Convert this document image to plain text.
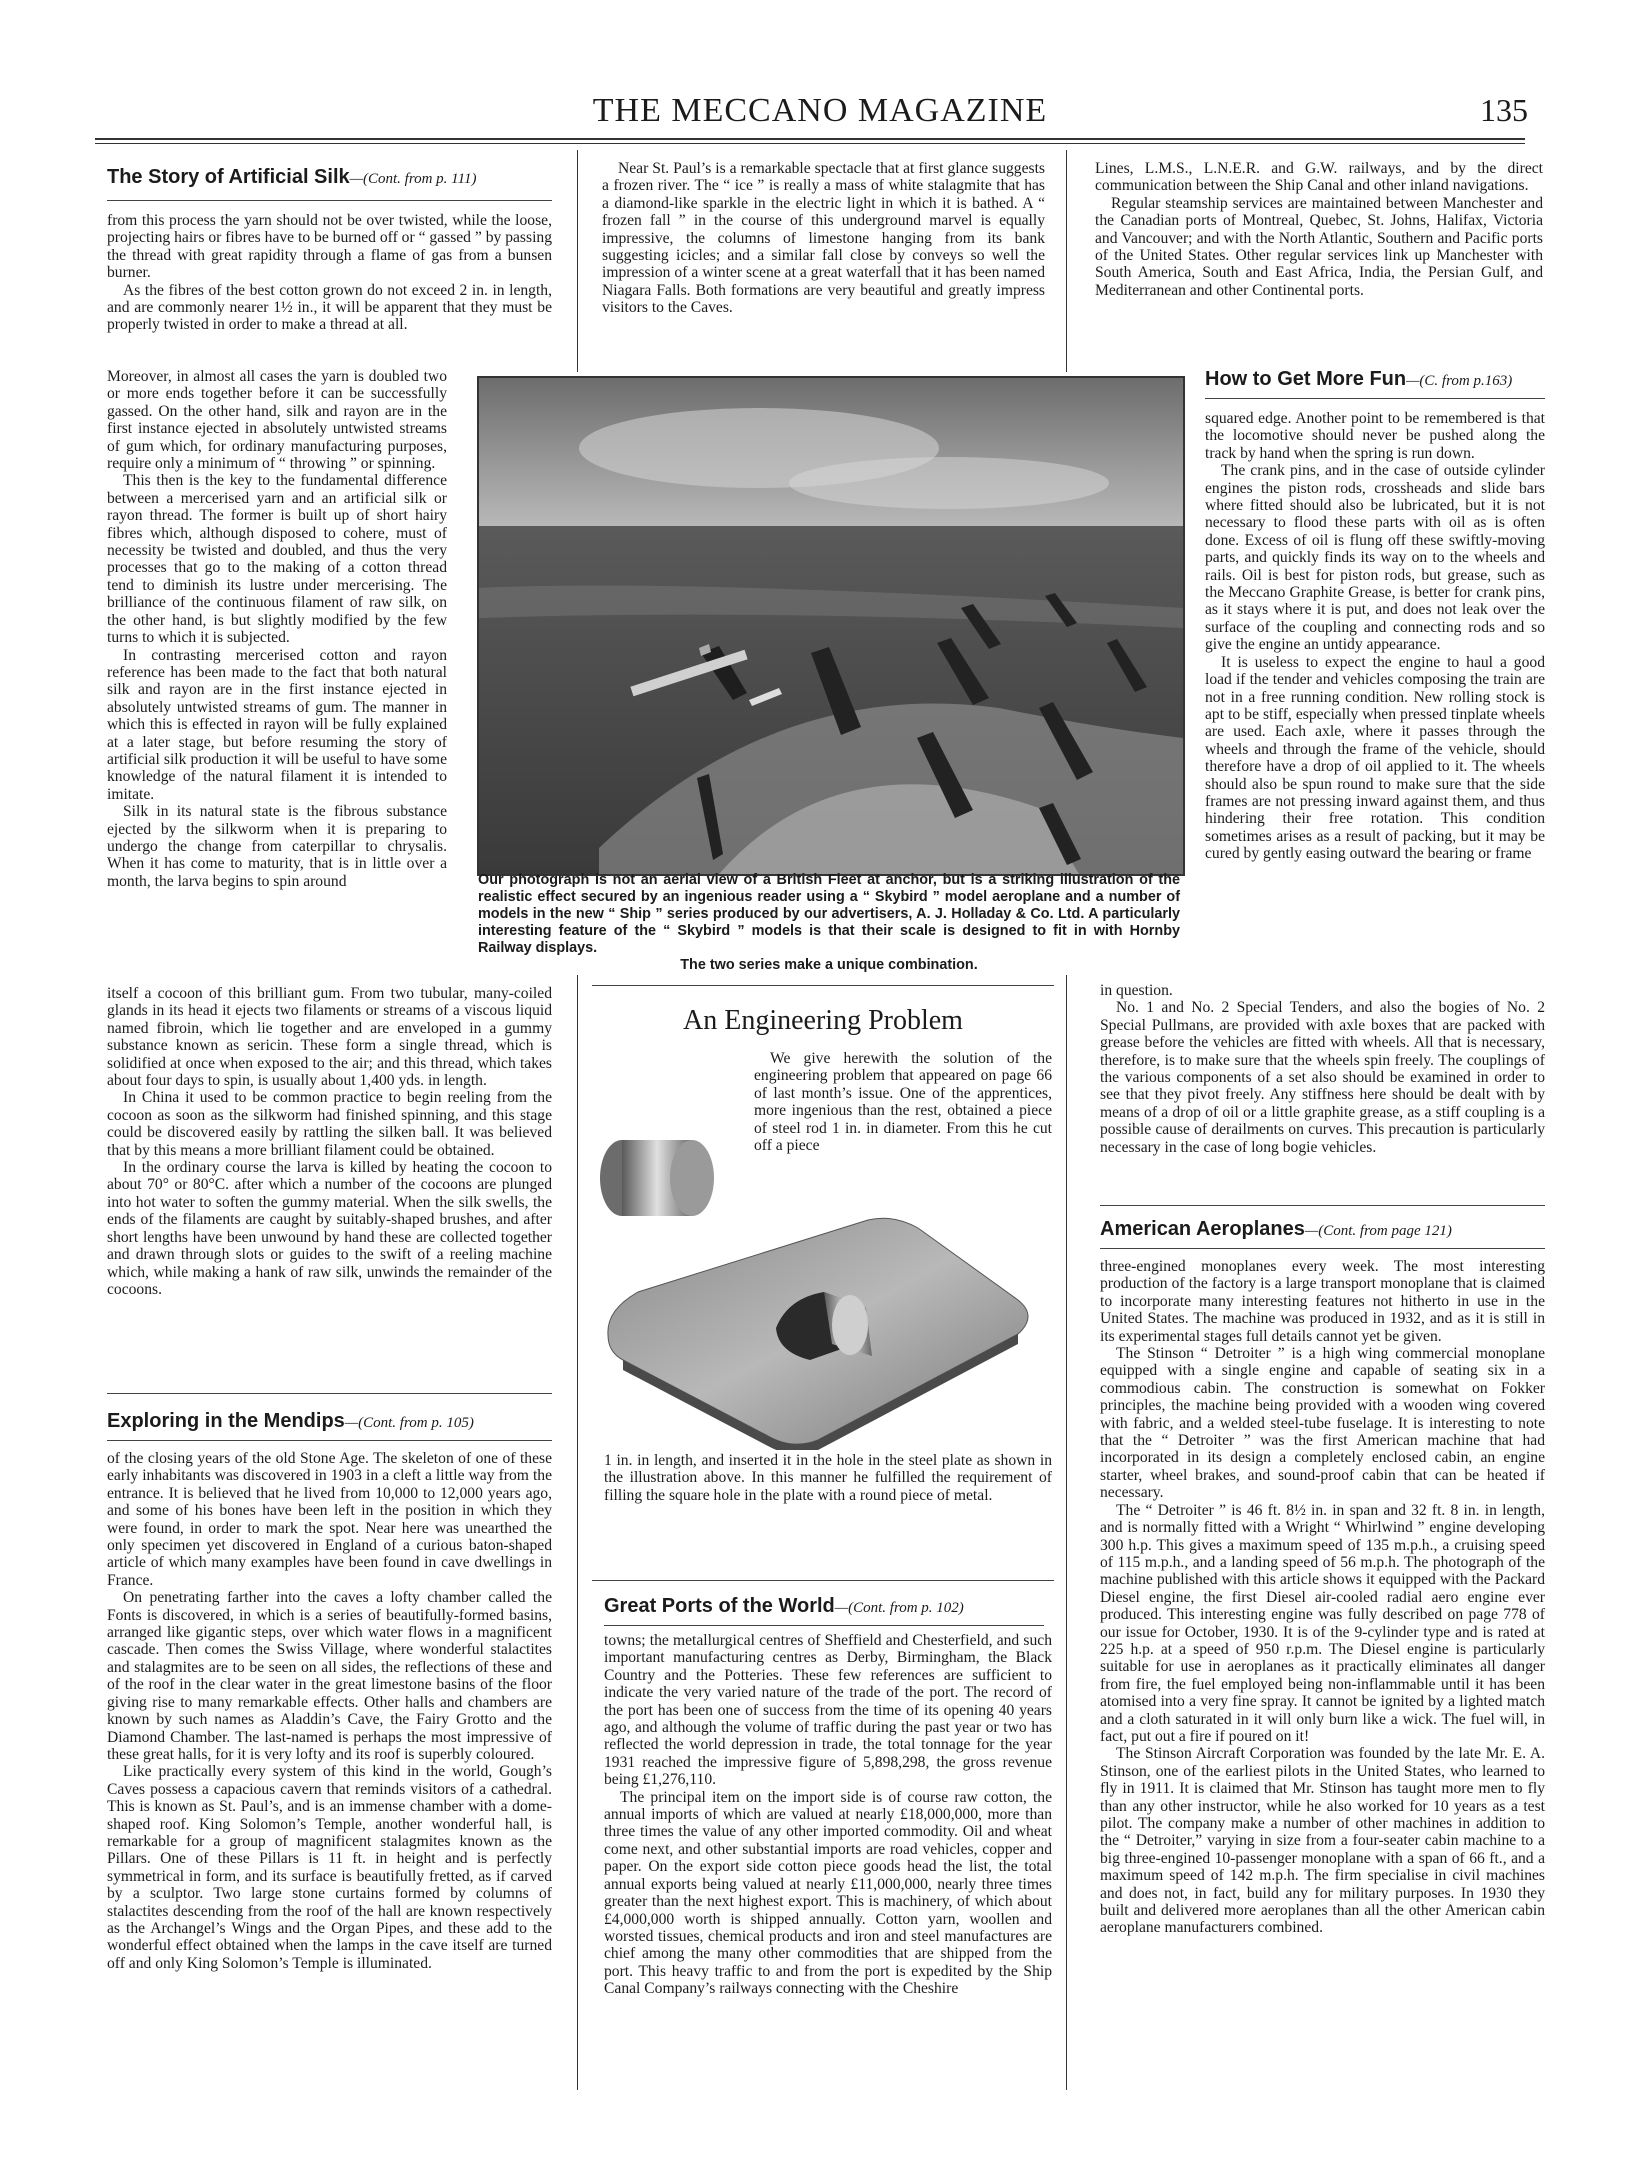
THE MECCANO MAGAZINE	135
The Story of Artificial Silk—(Cont. from p. 111)

from this process the yarn should not be over twisted, while the loose, projecting hairs or fibres have to be burned off or “ gassed ” by passing the thread with great rapidity through a flame of gas from a bunsen burner.

As the fibres of the best cotton grown do not exceed 2 in. in length, and are commonly nearer 1½ in., it will be apparent that they must be properly twisted in order to make a thread at all.

Moreover, in almost all cases the yarn is doubled two or more ends together before it can be successfully gassed. On the other hand, silk and rayon are in the first instance ejected in absolutely untwisted streams of gum which, for ordinary manufacturing purposes, require only a minimum of “ throwing ” or spinning.

This then is the key to the fundamental difference between a mercerised yarn and an artificial silk or rayon thread. The former is built up of short hairy fibres which, although disposed to cohere, must of necessity be twisted and doubled, and thus the very processes that go to the making of a cotton thread tend to diminish its lustre under mercerising. The brilliance of the continuous filament of raw silk, on the other hand, is but slightly modified by the few turns to which it is subjected.

In contrasting mercerised cotton and rayon reference has been made to the fact that both natural silk and rayon are in the first instance ejected in absolutely untwisted streams of gum. The manner in which this is effected in rayon will be fully explained at a later stage, but before resuming the story of artificial silk production it will be useful to have some knowledge of the natural filament it is intended to imitate.

Silk in its natural state is the fibrous substance ejected by the silkworm when it is preparing to undergo the change from caterpillar to chrysalis. When it has come to maturity, that is in little over a month, the larva begins to spin around

itself a cocoon of this brilliant gum. From two tubular, many-coiled glands in its head it ejects two filaments or streams of a viscous liquid named fibroin, which lie together and are enveloped in a gummy substance known as sericin. These form a single thread, which is solidified at once when exposed to the air; and this thread, which takes about four days to spin, is usually about 1,400 yds. in length.

In China it used to be common practice to begin reeling from the cocoon as soon as the silkworm had finished spinning, and this stage could be discovered easily by rattling the silken ball. It was believed that by this means a more brilliant filament could be obtained.

In the ordinary course the larva is killed by heating the cocoon to about 70° or 80°C. after which a number of the cocoons are plunged into hot water to soften the gummy material. When the silk swells, the ends of the filaments are caught by suitably-shaped brushes, and after short lengths have been unwound by hand these are collected together and drawn through slots or guides to the swift of a reeling machine which, while making a hank of raw silk, unwinds the remainder of the cocoons.

Exploring in the Mendips—(Cont. from p. 105)

of the closing years of the old Stone Age. The skeleton of one of these early inhabitants was discovered in 1903 in a cleft a little way from the entrance. It is believed that he lived from 10,000 to 12,000 years ago, and some of his bones have been left in the position in which they were found, in order to mark the spot. Near here was unearthed the only specimen yet discovered in England of a curious baton-shaped article of which many examples have been found in cave dwellings in France.

On penetrating farther into the caves a lofty chamber called the Fonts is discovered, in which is a series of beautifully-formed basins, arranged like gigantic steps, over which water flows in a magnificent cascade. Then comes the Swiss Village, where wonderful stalactites and stalagmites are to be seen on all sides, the reflections of these and of the roof in the clear water in the great limestone basins of the floor giving rise to many remarkable effects. Other halls and chambers are known by such names as Aladdin’s Cave, the Fairy Grotto and the Diamond Chamber. The last-named is perhaps the most impressive of these great halls, for it is very lofty and its roof is superbly coloured.

Like practically every system of this kind in the world, Gough’s Caves possess a capacious cavern that reminds visitors of a cathedral. This is known as St. Paul’s, and is an immense chamber with a dome-shaped roof. King Solomon’s Temple, another wonderful hall, is remarkable for a group of magnificent stalagmites known as the Pillars. One of these Pillars is 11 ft. in height and is perfectly symmetrical in form, and its surface is beautifully fretted, as if carved by a sculptor. Two large stone curtains formed by columns of stalactites descending from the roof of the hall are known respectively as the Archangel’s Wings and the Organ Pipes, and these add to the wonderful effect obtained when the lamps in the cave itself are turned off and only King Solomon’s Temple is illuminated.

Near St. Paul’s is a remarkable spectacle that at first glance suggests a frozen river. The “ ice ” is really a mass of white stalagmite that has a diamond-like sparkle in the electric light in which it is bathed. A “ frozen fall ” in the course of this underground marvel is equally impressive, the columns of limestone hanging from its bank suggesting icicles; and a similar fall close by conveys so well the impression of a winter scene at a great waterfall that it has been named Niagara Falls. Both formations are very beautiful and greatly impress visitors to the Caves.

Lines, L.M.S., L.N.E.R. and G.W. railways, and by the direct communication between the Ship Canal and other inland navigations.

Regular steamship services are maintained between Manchester and the Canadian ports of Montreal, Quebec, St. Johns, Halifax, Victoria and Vancouver; and with the North Atlantic, Southern and Pacific ports of the United States. Other regular services link up Manchester with South America, South and East Africa, India, the Persian Gulf, and Mediterranean and other Continental ports.

Our photograph is not an aerial view of a British Fleet at anchor, but is a striking illustration of the realistic effect secured by an ingenious reader using a “ Skybird ” model aeroplane and a number of models in the new “ Ship ” series produced by our advertisers, A. J. Holladay & Co. Ltd. A particularly interesting feature of the “ Skybird ” models is that their scale is designed to fit in with Hornby Railway displays.
The two series make a unique combination.
An Engineering Problem

We give herewith the solution of the engineering problem that appeared on page 66 of last month’s issue. One of the apprentices, more ingenious than the rest, obtained a piece of steel rod 1 in. in diameter. From this he cut off a piece

1 in. in length, and inserted it in the hole in the steel plate as shown in the illustration above. In this manner he fulfilled the requirement of filling the square hole in the plate with a round piece of metal.

Great Ports of the World—(Cont. from p. 102)

towns; the metallurgical centres of Sheffield and Chesterfield, and such important manufacturing centres as Derby, Birmingham, the Black Country and the Potteries. These few references are sufficient to indicate the very varied nature of the trade of the port. The record of the port has been one of success from the time of its opening 40 years ago, and although the volume of traffic during the past year or two has reflected the world depression in trade, the total tonnage for the year 1931 reached the impressive figure of 5,898,298, the gross revenue being £1,276,110.

The principal item on the import side is of course raw cotton, the annual imports of which are valued at nearly £18,000,000, more than three times the value of any other imported commodity. Oil and wheat come next, and other substantial imports are road vehicles, copper and paper. On the export side cotton piece goods head the list, the total annual exports being valued at nearly £11,000,000, nearly three times greater than the next highest export. This is machinery, of which about £4,000,000 worth is shipped annually. Cotton yarn, woollen and worsted tissues, chemical products and iron and steel manufactures are chief among the many other commodities that are shipped from the port. This heavy traffic to and from the port is expedited by the Ship Canal Company’s railways connecting with the Cheshire

How to Get More Fun—(C. from p.163)

squared edge. Another point to be remembered is that the locomotive should never be pushed along the track by hand when the spring is run down.

The crank pins, and in the case of outside cylinder engines the piston rods, crossheads and slide bars where fitted should also be lubricated, but it is not necessary to flood these parts with oil as is often done. Excess of oil is flung off these swiftly-moving parts, and quickly finds its way on to the wheels and rails. Oil is best for piston rods, but grease, such as the Meccano Graphite Grease, is better for crank pins, as it stays where it is put, and does not leak over the surface of the coupling and connecting rods and so give the engine an untidy appearance.

It is useless to expect the engine to haul a good load if the tender and vehicles composing the train are not in a free running condition. New rolling stock is apt to be stiff, especially when pressed tinplate wheels are used. Each axle, where it passes through the wheels and through the frame of the vehicle, should therefore have a drop of oil applied to it. The wheels should also be spun round to make sure that the side frames are not pressing inward against them, and thus hindering their free rotation. This condition sometimes arises as a result of packing, but it may be cured by gently easing outward the bearing or frame

in question.

No. 1 and No. 2 Special Tenders, and also the bogies of No. 2 Special Pullmans, are provided with axle boxes that are packed with grease before the vehicles are fitted with wheels. All that is necessary, therefore, is to make sure that the wheels spin freely. The couplings of the various components of a set also should be examined in order to see that they pivot freely. Any stiffness here should be dealt with by means of a drop of oil or a little graphite grease, as a stiff coupling is a possible cause of derailments on curves. This precaution is particularly necessary in the case of long bogie vehicles.

American Aeroplanes—(Cont. from page 121)

three-engined monoplanes every week. The most interesting production of the factory is a large transport monoplane that is claimed to incorporate many interesting features not hitherto in use in the United States. The machine was produced in 1932, and as it is still in its experimental stages full details cannot yet be given.

The Stinson “ Detroiter ” is a high wing commercial monoplane equipped with a single engine and capable of seating six in a commodious cabin. The construction is somewhat on Fokker principles, the machine being provided with a wooden wing covered with fabric, and a welded steel-tube fuselage. It is interesting to note that the “ Detroiter ” was the first American machine that had incorporated in its design a completely enclosed cabin, an engine starter, wheel brakes, and sound-proof cabin that can be heated if necessary.

The “ Detroiter ” is 46 ft. 8½ in. in span and 32 ft. 8 in. in length, and is normally fitted with a Wright “ Whirlwind ” engine developing 300 h.p. This gives a maximum speed of 135 m.p.h., a cruising speed of 115 m.p.h., and a landing speed of 56 m.p.h. The photograph of the machine published with this article shows it equipped with the Packard Diesel engine, the first Diesel air-cooled radial aero engine ever produced. This interesting engine was fully described on page 778 of our issue for October, 1930. It is of the 9-cylinder type and is rated at 225 h.p. at a speed of 950 r.p.m. The Diesel engine is particularly suitable for use in aeroplanes as it practically eliminates all danger from fire, the fuel employed being non-inflammable until it has been atomised into a very fine spray. It cannot be ignited by a lighted match and a cloth saturated in it will only burn like a wick. The fuel will, in fact, put out a fire if poured on it!

The Stinson Aircraft Corporation was founded by the late Mr. E. A. Stinson, one of the earliest pilots in the United States, who learned to fly in 1911. It is claimed that Mr. Stinson has taught more men to fly than any other instructor, while he also worked for 10 years as a test pilot. The company make a number of other machines in addition to the “ Detroiter,” varying in size from a four-seater cabin machine to a big three-engined 10-passenger monoplane with a span of 66 ft., and a maximum speed of 142 m.p.h. The firm specialise in civil machines and does not, in fact, build any for military purposes. In 1930 they built and delivered more aeroplanes than all the other American cabin aeroplane manufacturers combined.
